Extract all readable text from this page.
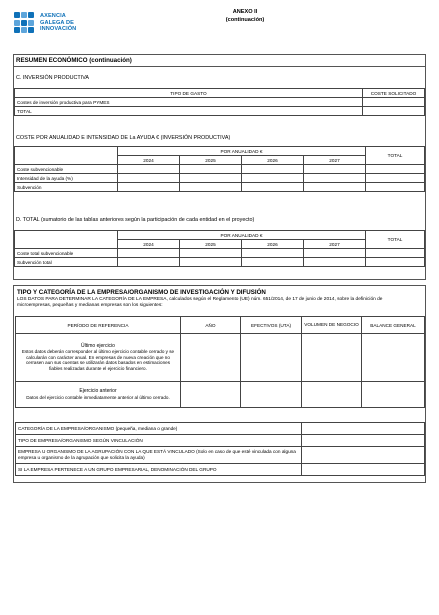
AXENCIA
GALEGA DE
INNOVACIÓN
ANEXO II
(continuación)
RESUMEN ECONÓMICO (continuación)
C. INVERSIÓN PRODUCTIVA
TIPO DE GASTO	COSTE SOLICITADO
Costes de inversión productiva para PYMES	
TOTAL	
COSTE POR ANUALIDAD E INTENSIDAD DE La AYUDA € (INVERSIÓN PRODUCTIVA)
	POR ANUALIDAD €				TOTAL
	2024	2025	2026	2027	
Coste subvencionable					
Intensidad de la ayuda (%)					
Subvención					
D. TOTAL (sumatorio de las tablas anteriores según la participación de cada entidad en el proyecto)
	POR ANUALIDAD €				TOTAL
	2024	2025	2026	2027	
Coste total subvencionable					
Subvención total					
TIPO Y CATEGORÍA DE LA EMPRESA/ORGANISMO DE INVESTIGACIÓN Y DIFUSIÓN
LOS DATOS PARA DETERMINAR LA CATEGORÍA DE LA EMPRESA, calculados según el Reglamento (UE) núm. 651/2014, de 17 de junio de 2014, sobre la definición de microempresas, pequeñas y medianas empresas son los siguientes:
PERÍODO DE REFERENCIA	AÑO	EFECTIVOS (UTA)	VOLUMEN DE NEGOCIO	BALANCE GENERAL

Último ejercicio
Estos datos deberán corresponder al último ejercicio contable cerrado y se calcularán con carácter anual. En empresas de nueva creación que no cerrasen aun sus cuentas se utilizarán datos basados en estimaciones fiables realizadas durante el ejercicio financiero.				

Ejercicio anterior
Datos del ejercicio contable inmediatamente anterior al último cerrado.				

CATEGORÍA DE LA EMPRESA/ORGANISMO (pequeña, mediana o grande)	
TIPO DE EMPRESA/ORGANISMO SEGÚN VINCULACIÓN	
EMPRESA U ORGANISMO DE LA AGRUPACIÓN CON LA QUE ESTÁ VINCULADO (Solo en caso de que esté vinculada con alguna empresa u organismo de la agrupación que solicita la ayuda)	
SI LA EMPRESA PERTENECE A UN GRUPO EMPRESARIAL, DENOMINACIÓN DEL GRUPO	
